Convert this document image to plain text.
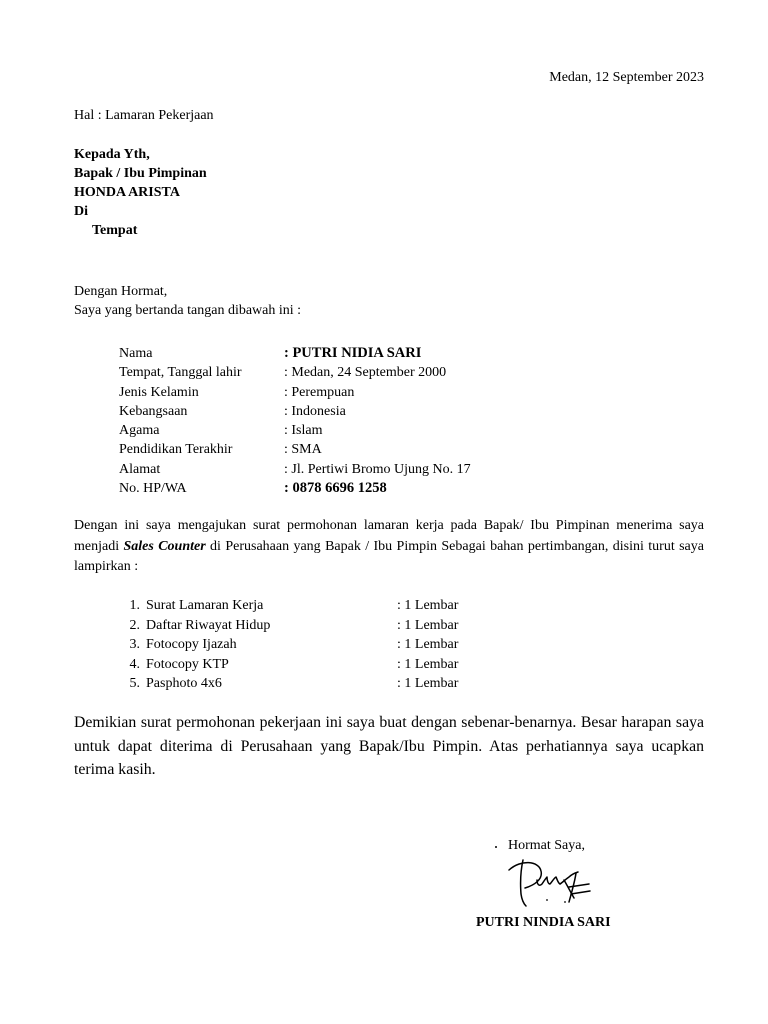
Medan, 12 September 2023
Hal : Lamaran Pekerjaan
Kepada Yth,
Bapak / Ibu Pimpinan
HONDA ARISTA
Di
Tempat
Dengan Hormat,
Saya yang bertanda tangan dibawah ini :
Nama	: PUTRI NIDIA SARI
Tempat, Tanggal lahir	: Medan, 24 September 2000
Jenis Kelamin	: Perempuan
Kebangsaan	: Indonesia
Agama	: Islam
Pendidikan Terakhir	: SMA
Alamat	: Jl. Pertiwi Bromo Ujung No. 17
No. HP/WA	: 0878 6696 1258
Dengan ini saya mengajukan surat permohonan lamaran kerja pada Bapak/ Ibu Pimpinan menerima saya menjadi Sales Counter di Perusahaan yang Bapak / Ibu Pimpin Sebagai bahan pertimbangan, disini turut saya lampirkan :
1. Surat Lamaran Kerja	: 1 Lembar
2. Daftar Riwayat Hidup	: 1 Lembar
3. Fotocopy Ijazah	: 1 Lembar
4. Fotocopy KTP	: 1 Lembar
5. Pasphoto 4x6	: 1 Lembar
Demikian surat permohonan pekerjaan ini saya buat dengan sebenar-benarnya. Besar harapan saya untuk dapat diterima di Perusahaan yang Bapak/Ibu Pimpin. Atas perhatiannya saya ucapkan terima kasih.
Hormat Saya,
PUTRI NINDIA SARI
